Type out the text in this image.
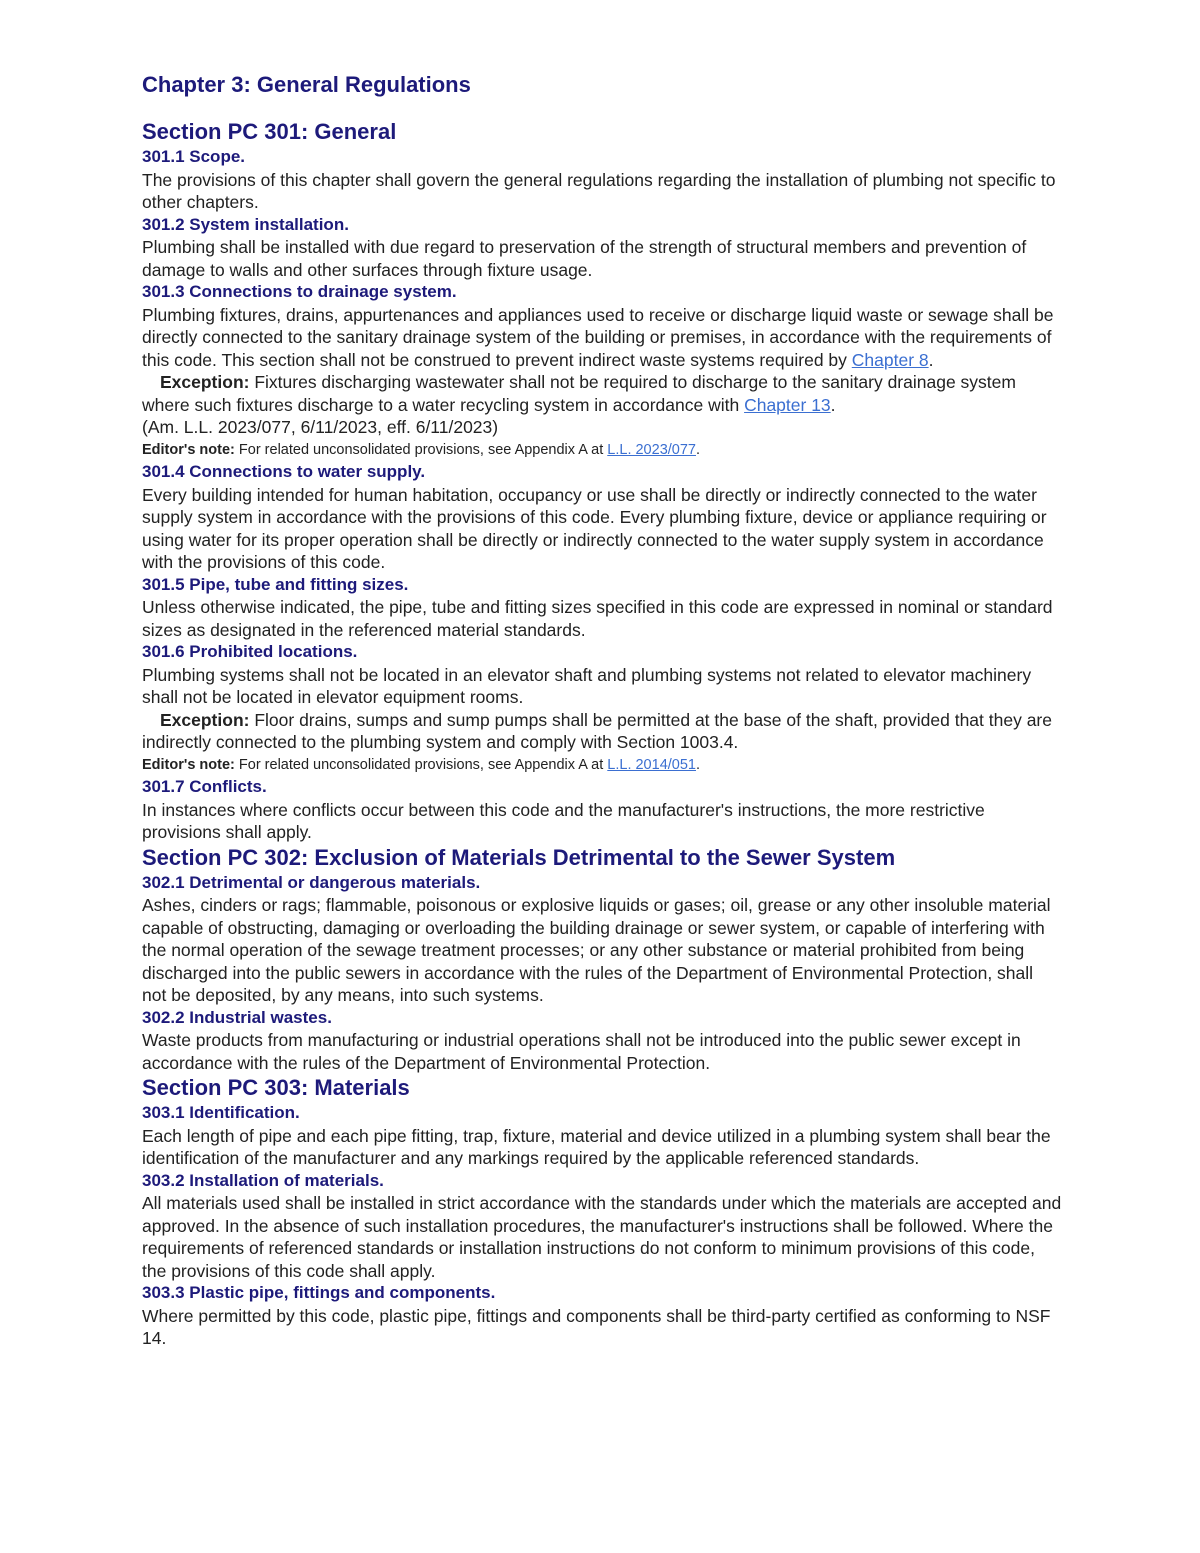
Chapter 3: General Regulations
Section PC 301: General
301.1 Scope.

The provisions of this chapter shall govern the general regulations regarding the installation of plumbing not specific to other chapters.

301.2 System installation.

Plumbing shall be installed with due regard to preservation of the strength of structural members and prevention of damage to walls and other surfaces through fixture usage.

301.3 Connections to drainage system.

Plumbing fixtures, drains, appurtenances and appliances used to receive or discharge liquid waste or sewage shall be directly connected to the sanitary drainage system of the building or premises, in accordance with the requirements of this code. This section shall not be construed to prevent indirect waste systems required by Chapter 8.

Exception: Fixtures discharging wastewater shall not be required to discharge to the sanitary drainage system where such fixtures discharge to a water recycling system in accordance with Chapter 13.

(Am. L.L. 2023/077, 6/11/2023, eff. 6/11/2023)

Editor's note: For related unconsolidated provisions, see Appendix A at L.L. 2023/077.

301.4 Connections to water supply.

Every building intended for human habitation, occupancy or use shall be directly or indirectly connected to the water supply system in accordance with the provisions of this code. Every plumbing fixture, device or appliance requiring or using water for its proper operation shall be directly or indirectly connected to the water supply system in accordance with the provisions of this code.

301.5 Pipe, tube and fitting sizes.

Unless otherwise indicated, the pipe, tube and fitting sizes specified in this code are expressed in nominal or standard sizes as designated in the referenced material standards.

301.6 Prohibited locations.

Plumbing systems shall not be located in an elevator shaft and plumbing systems not related to elevator machinery shall not be located in elevator equipment rooms.

Exception: Floor drains, sumps and sump pumps shall be permitted at the base of the shaft, provided that they are indirectly connected to the plumbing system and comply with Section 1003.4.

Editor's note: For related unconsolidated provisions, see Appendix A at L.L. 2014/051.

301.7 Conflicts.

In instances where conflicts occur between this code and the manufacturer's instructions, the more restrictive provisions shall apply.

Section PC 302: Exclusion of Materials Detrimental to the Sewer System
302.1 Detrimental or dangerous materials.

Ashes, cinders or rags; flammable, poisonous or explosive liquids or gases; oil, grease or any other insoluble material capable of obstructing, damaging or overloading the building drainage or sewer system, or capable of interfering with the normal operation of the sewage treatment processes; or any other substance or material prohibited from being discharged into the public sewers in accordance with the rules of the Department of Environmental Protection, shall not be deposited, by any means, into such systems.

302.2 Industrial wastes.

Waste products from manufacturing or industrial operations shall not be introduced into the public sewer except in accordance with the rules of the Department of Environmental Protection.

Section PC 303: Materials
303.1 Identification.

Each length of pipe and each pipe fitting, trap, fixture, material and device utilized in a plumbing system shall bear the identification of the manufacturer and any markings required by the applicable referenced standards.

303.2 Installation of materials.

All materials used shall be installed in strict accordance with the standards under which the materials are accepted and approved. In the absence of such installation procedures, the manufacturer's instructions shall be followed. Where the requirements of referenced standards or installation instructions do not conform to minimum provisions of this code, the provisions of this code shall apply.

303.3 Plastic pipe, fittings and components.

Where permitted by this code, plastic pipe, fittings and components shall be third-party certified as conforming to NSF 14.
